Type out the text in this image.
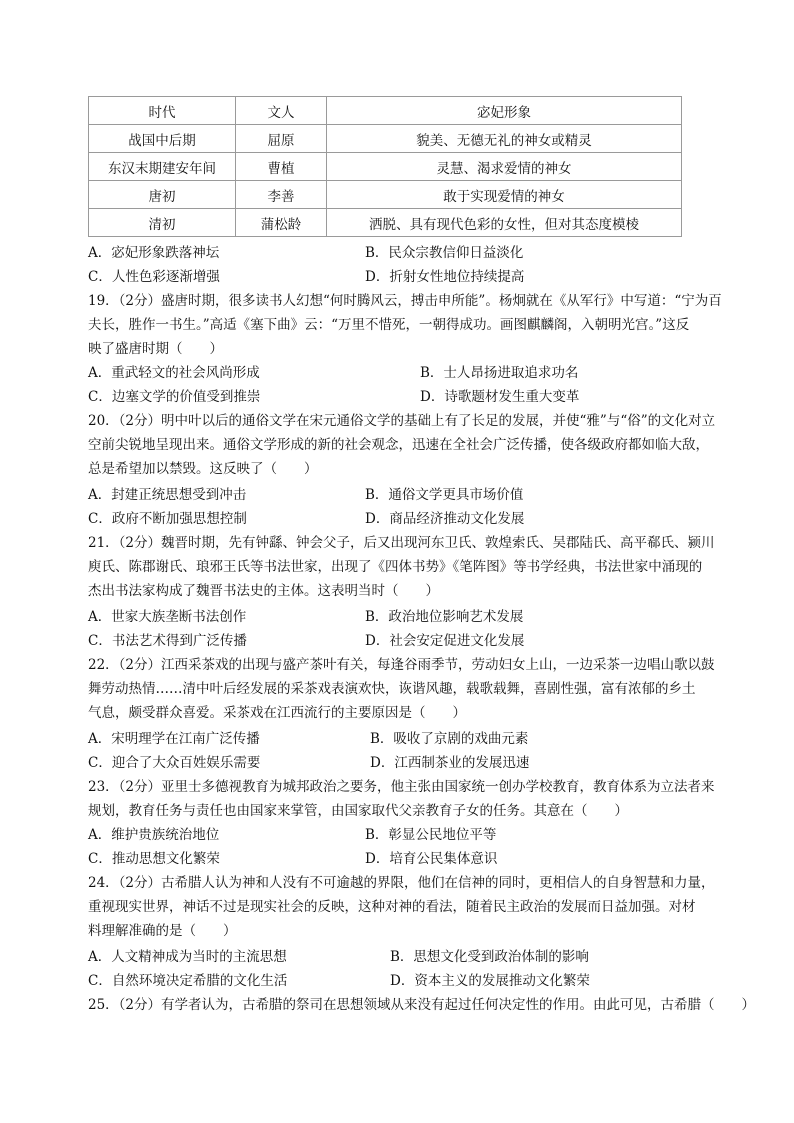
时代	文人	宓妃形象
战国中后期	屈原	貌美、无德无礼的神女或精灵
东汉末期建安年间	曹植	灵慧、渴求爱情的神女
唐初	李善	敢于实现爱情的神女
清初	蒲松龄	洒脱、具有现代色彩的女性，但对其态度模棱
A．宓妃形象跌落神坛	B．民众宗教信仰日益淡化
C．人性色彩逐渐增强	D．折射女性地位持续提高
19．（2分）盛唐时期，很多读书人幻想“何时腾风云，搏击申所能”。杨炯就在《从军行》中写道：“宁为百
夫长，胜作一书生。”高适《塞下曲》云：“万里不惜死，一朝得成功。画图麒麟阁，入朝明光宫。”这反
映了盛唐时期（　　）
A．重武轻文的社会风尚形成	B．士人昂扬进取追求功名
C．边塞文学的价值受到推崇	D．诗歌题材发生重大变革
20．（2分）明中叶以后的通俗文学在宋元通俗文学的基础上有了长足的发展，并使“雅”与“俗”的文化对立
空前尖锐地呈现出来。通俗文学形成的新的社会观念，迅速在全社会广泛传播，使各级政府都如临大敌，
总是希望加以禁毁。这反映了（　　）
A．封建正统思想受到冲击	B．通俗文学更具市场价值
C．政府不断加强思想控制	D．商品经济推动文化发展
21．（2分）魏晋时期，先有钟繇、钟会父子，后又出现河东卫氏、敦煌索氏、吴郡陆氏、高平郗氏、颍川
庾氏、陈郡谢氏、琅邪王氏等书法世家，出现了《四体书势》《笔阵图》等书学经典，书法世家中涌现的
杰出书法家构成了魏晋书法史的主体。这表明当时（　　）
A．世家大族垄断书法创作	B．政治地位影响艺术发展
C．书法艺术得到广泛传播	D．社会安定促进文化发展
22．（2分）江西采茶戏的出现与盛产茶叶有关，每逢谷雨季节，劳动妇女上山，一边采茶一边唱山歌以鼓
舞劳动热情……清中叶后经发展的采茶戏表演欢快，诙谐风趣，载歌载舞，喜剧性强，富有浓郁的乡土
气息，颇受群众喜爱。采茶戏在江西流行的主要原因是（　　）
A．宋明理学在江南广泛传播	B．吸收了京剧的戏曲元素
C．迎合了大众百姓娱乐需要	D．江西制茶业的发展迅速
23．（2分）亚里士多德视教育为城邦政治之要务，他主张由国家统一创办学校教育，教育体系为立法者来
规划，教育任务与责任也由国家来掌管，由国家取代父亲教育子女的任务。其意在（　　）
A．维护贵族统治地位	B．彰显公民地位平等
C．推动思想文化繁荣	D．培育公民集体意识
24．（2分）古希腊人认为神和人没有不可逾越的界限，他们在信神的同时，更相信人的自身智慧和力量，
重视现实世界，神话不过是现实社会的反映，这种对神的看法，随着民主政治的发展而日益加强。对材
料理解准确的是（　　）
A．人文精神成为当时的主流思想	B．思想文化受到政治体制的影响
C．自然环境决定希腊的文化生活	D．资本主义的发展推动文化繁荣
25．（2分）有学者认为，古希腊的祭司在思想领域从来没有起过任何决定性的作用。由此可见，古希腊（　　）
